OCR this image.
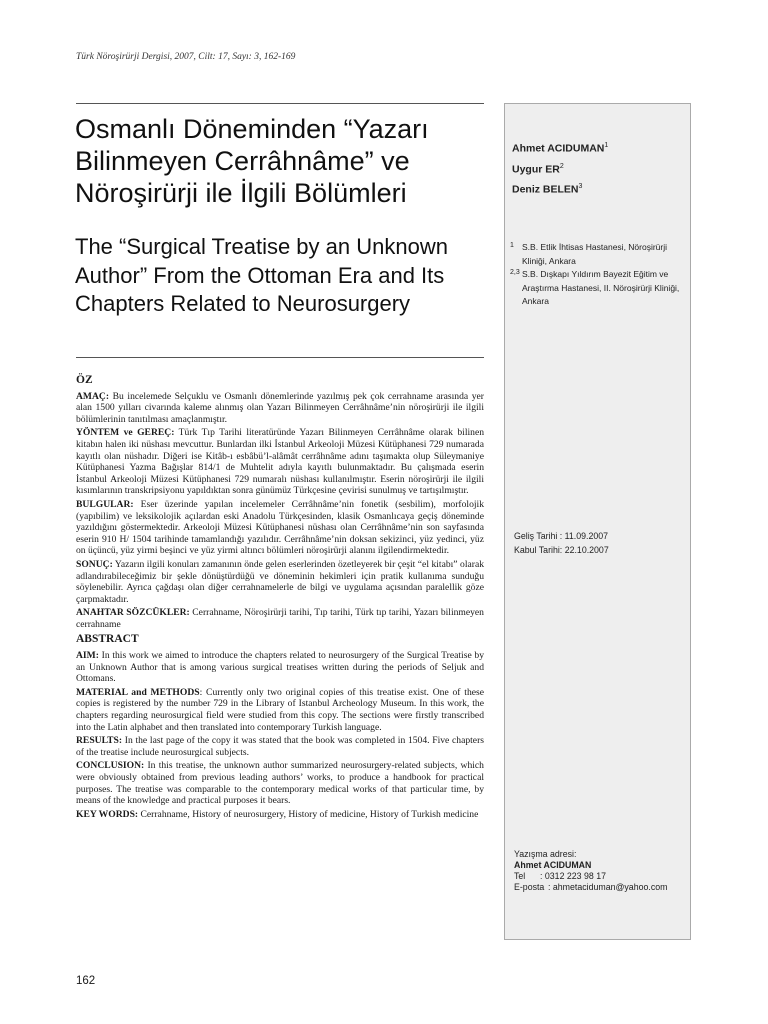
Türk Nöroşirürji Dergisi, 2007, Cilt: 17, Sayı: 3, 162-169
Osmanlı Döneminden “Yazarı Bilinmeyen Cerrâhnâme” ve Nöroşirürji ile İlgili Bölümleri
The “Surgical Treatise by an Unknown Author” From the Ottoman Era and Its Chapters Related to Neurosurgery
ÖZ

AMAÇ: Bu incelemede Selçuklu ve Osmanlı dönemlerinde yazılmış pek çok cerrahname arasında yer alan 1500 yılları civarında kaleme alınmış olan Yazarı Bilinmeyen Cerrâhnâme’nin nöroşirürji ile ilgili bölümlerinin tanıtılması amaçlanmıştır.

YÖNTEM ve GEREÇ: Türk Tıp Tarihi literatüründe Yazarı Bilinmeyen Cerrâhnâme olarak bilinen kitabın halen iki nüshası mevcuttur. Bunlardan ilki İstanbul Arkeoloji Müzesi Kütüphanesi 729 numarada kayıtlı olan nüshadır. Diğeri ise Kitâb-ı esbâbü’l-alâmât cerrâhnâme adını taşımakta olup Süleymaniye Kütüphanesi Yazma Bağışlar 814/1 de Muhtelit adıyla kayıtlı bulunmaktadır. Bu çalışmada eserin İstanbul Arkeoloji Müzesi Kütüphanesi 729 numaralı nüshası kullanılmıştır. Eserin nöroşirürji ile ilgili kısımlarının transkripsiyonu yapıldıktan sonra günümüz Türkçesine çevirisi sunulmuş ve tartışılmıştır.

BULGULAR: Eser üzerinde yapılan incelemeler Cerrâhnâme’nin fonetik (sesbilim), morfolojik (yapıbilim) ve leksikolojik açılardan eski Anadolu Türkçesinden, klasik Osmanlıcaya geçiş döneminde yazıldığını göstermektedir. Arkeoloji Müzesi Kütüphanesi nüshası olan Cerrâhnâme’nin son sayfasında eserin 910 H/ 1504 tarihinde tamamlandığı yazılıdır. Cerrâhnâme’nin doksan sekizinci, yüz yedinci, yüz on üçüncü, yüz yirmi beşinci ve yüz yirmi altıncı bölümleri nöroşirürji alanını ilgilendirmektedir.

SONUÇ: Yazarın ilgili konuları zamanının önde gelen eserlerinden özetleyerek bir çeşit “el kitabı” olarak adlandırabileceğimiz bir şekle dönüştürdüğü ve döneminin hekimleri için pratik kullanıma sunduğu söylenebilir. Ayrıca çağdaşı olan diğer cerrahnamelerle de bilgi ve uygulama açısından paralellik göze çarpmaktadır.

ANAHTAR SÖZCÜKLER: Cerrahname, Nöroşirürji tarihi, Tıp tarihi, Türk tıp tarihi, Yazarı bilinmeyen cerrahname

ABSTRACT

AIM: In this work we aimed to introduce the chapters related to neurosurgery of the Surgical Treatise by an Unknown Author that is among various surgical treatises written during the periods of Seljuk and Ottomans.

MATERIAL and METHODS: Currently only two original copies of this treatise exist. One of these copies is registered by the number 729 in the Library of Istanbul Archeology Museum. In this work, the chapters regarding neurosurgical field were studied from this copy. The sections were firstly transcribed into the Latin alphabet and then translated into contemporary Turkish language.

RESULTS: In the last page of the copy it was stated that the book was completed in 1504. Five chapters of the treatise include neurosurgical subjects.

CONCLUSION: In this treatise, the unknown author summarized neurosurgery-related subjects, which were obviously obtained from previous leading authors’ works, to produce a handbook for practical purposes. The treatise was comparable to the contemporary medical works of that particular time, by means of the knowledge and practical purposes it bears.

KEY WORDS: Cerrahname, History of neurosurgery, History of medicine, History of Turkish medicine

Ahmet ACIDUMAN$^1$
Uygur $ER^2$
Deniz BELEN$^3$
1 S.B. Etlik İhtisas Hastanesi, Nöroşirürji Kliniği, Ankara
2,3 S.B. Dışkapı Yıldırım Bayezit Eğitim ve Araştırma Hastanesi, II. Nöroşirürji Kliniği, Ankara
Geliş Tarihi : 11.09.2007
Kabul Tarihi: 22.10.2007
Yazışma adresi:
Ahmet ACIDUMAN
Tel : 0312 223 98 17
E-posta : ahmetaciduman@yahoo.com
162
